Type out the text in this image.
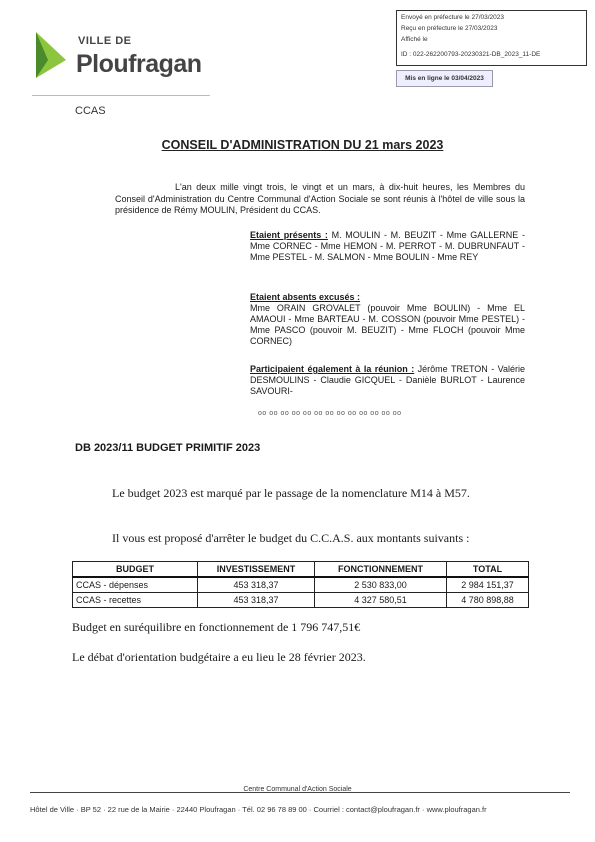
VILLE DE
Ploufragan
CCAS
Envoyé en préfecture le 27/03/2023
Reçu en préfecture le 27/03/2023
Affiché le
ID : 022-262200793-20230321-DB_2023_11-DE
Mis en ligne le 03/04/2023
CONSEIL D'ADMINISTRATION DU 21 mars 2023
L'an deux mille vingt trois, le vingt et un mars, à dix-huit heures, les Membres du Conseil d'Administration du Centre Communal d'Action Sociale se sont réunis à l'hôtel de ville sous la présidence de Rémy MOULIN, Président du CCAS.
Etaient présents : M. MOULIN - M. BEUZIT - Mme GALLERNE - Mme CORNEC - Mme HEMON - M. PERROT - M. DUBRUNFAUT - Mme PESTEL - M. SALMON - Mme BOULIN - Mme REY
Etaient absents excusés :
Mme ORAIN GROVALET (pouvoir Mme BOULIN) - Mme EL AMAOUI - Mme BARTEAU - M. COSSON (pouvoir Mme PESTEL) - Mme PASCO (pouvoir M. BEUZIT) - Mme FLOCH (pouvoir Mme CORNEC)
Participaient également à la réunion : Jérôme TRETON - Valérie DESMOULINS - Claudie GICQUEL - Danièle BURLOT - Laurence SAVOURI-
oo oo oo oo oo oo oo oo oo oo oo oo oo
DB 2023/11 BUDGET PRIMITIF 2023
Le budget 2023 est marqué par le passage de la nomenclature M14 à M57.
Il vous est proposé d'arrêter le budget du C.C.A.S. aux montants suivants :
BUDGET	INVESTISSEMENT	FONCTIONNEMENT	TOTAL
CCAS - dépenses	453 318,37	2 530 833,00	2 984 151,37
CCAS - recettes	453 318,37	4 327 580,51	4 780 898,88
Budget en suréquilibre en fonctionnement de 1 796 747,51€
Le débat d'orientation budgétaire a eu lieu le 28 février 2023.
Centre Communal d'Action Sociale
Hôtel de Ville · BP 52 · 22 rue de la Mairie · 22440 Ploufragan · Tél. 02 96 78 89 00 · Courriel : contact@ploufragan.fr · www.ploufragan.fr
